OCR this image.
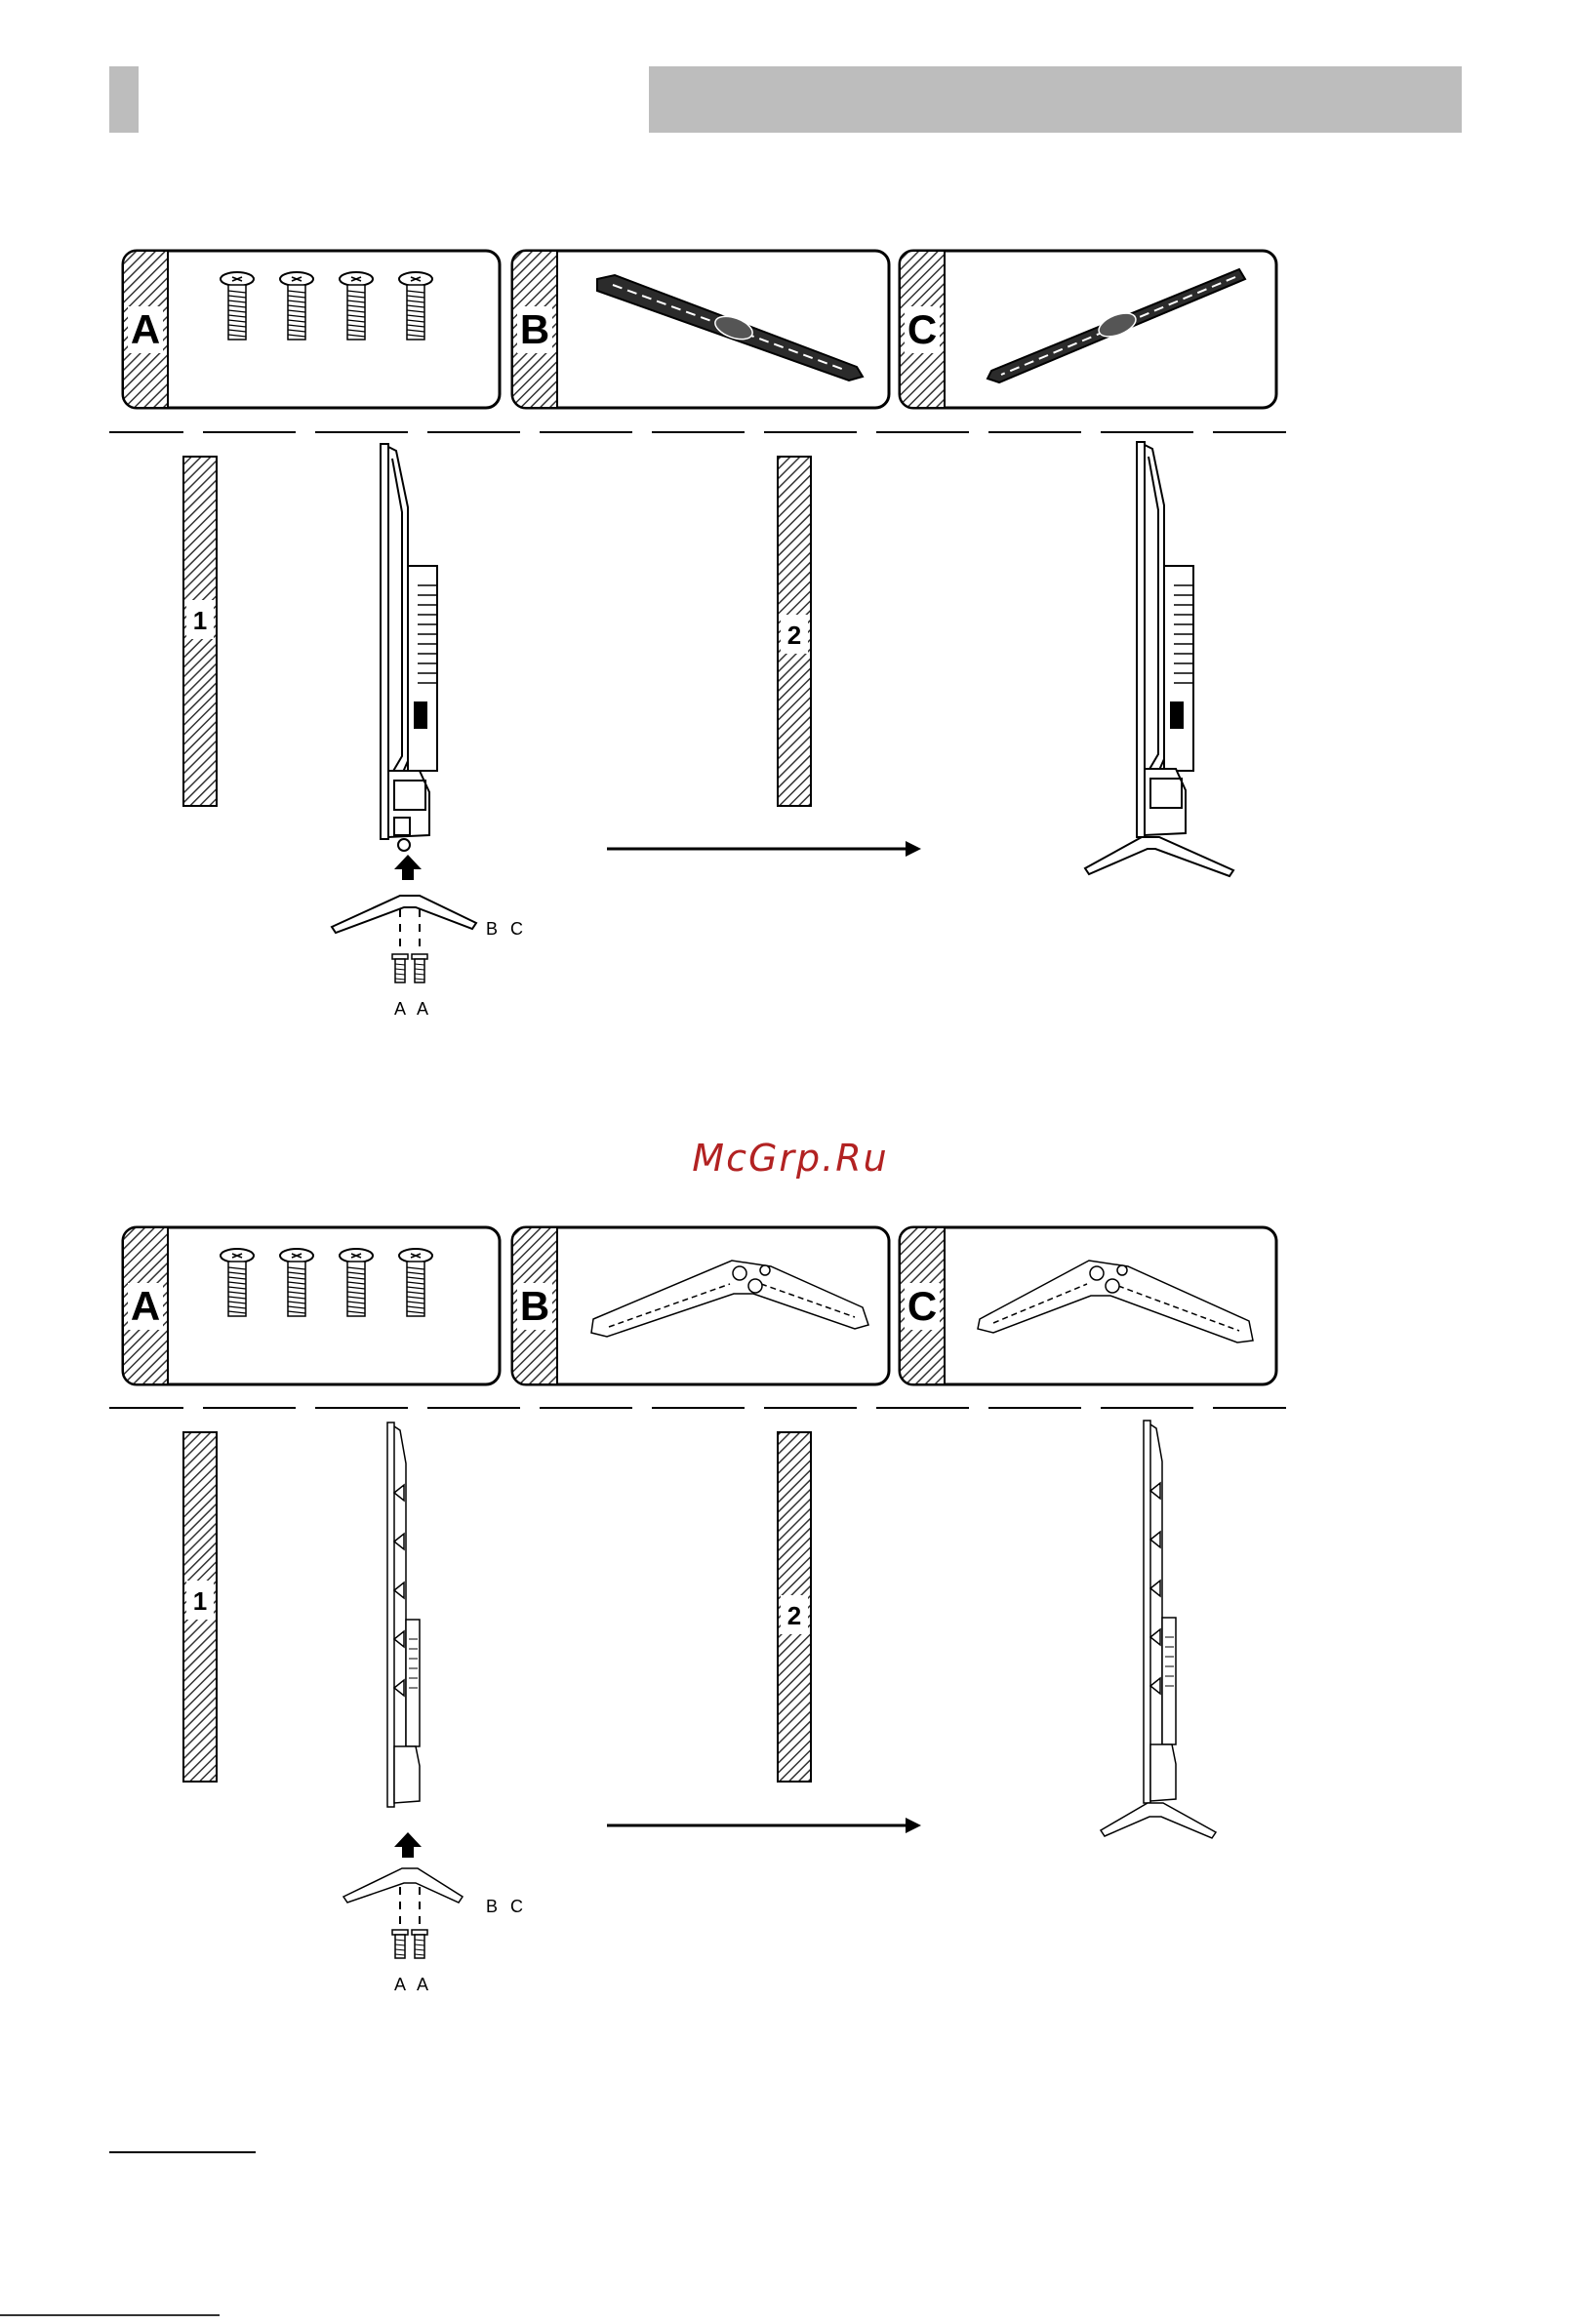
A	B	C
1
B C
A A
2
A	B	C
1
B C
A A
2
McGrp.Ru
